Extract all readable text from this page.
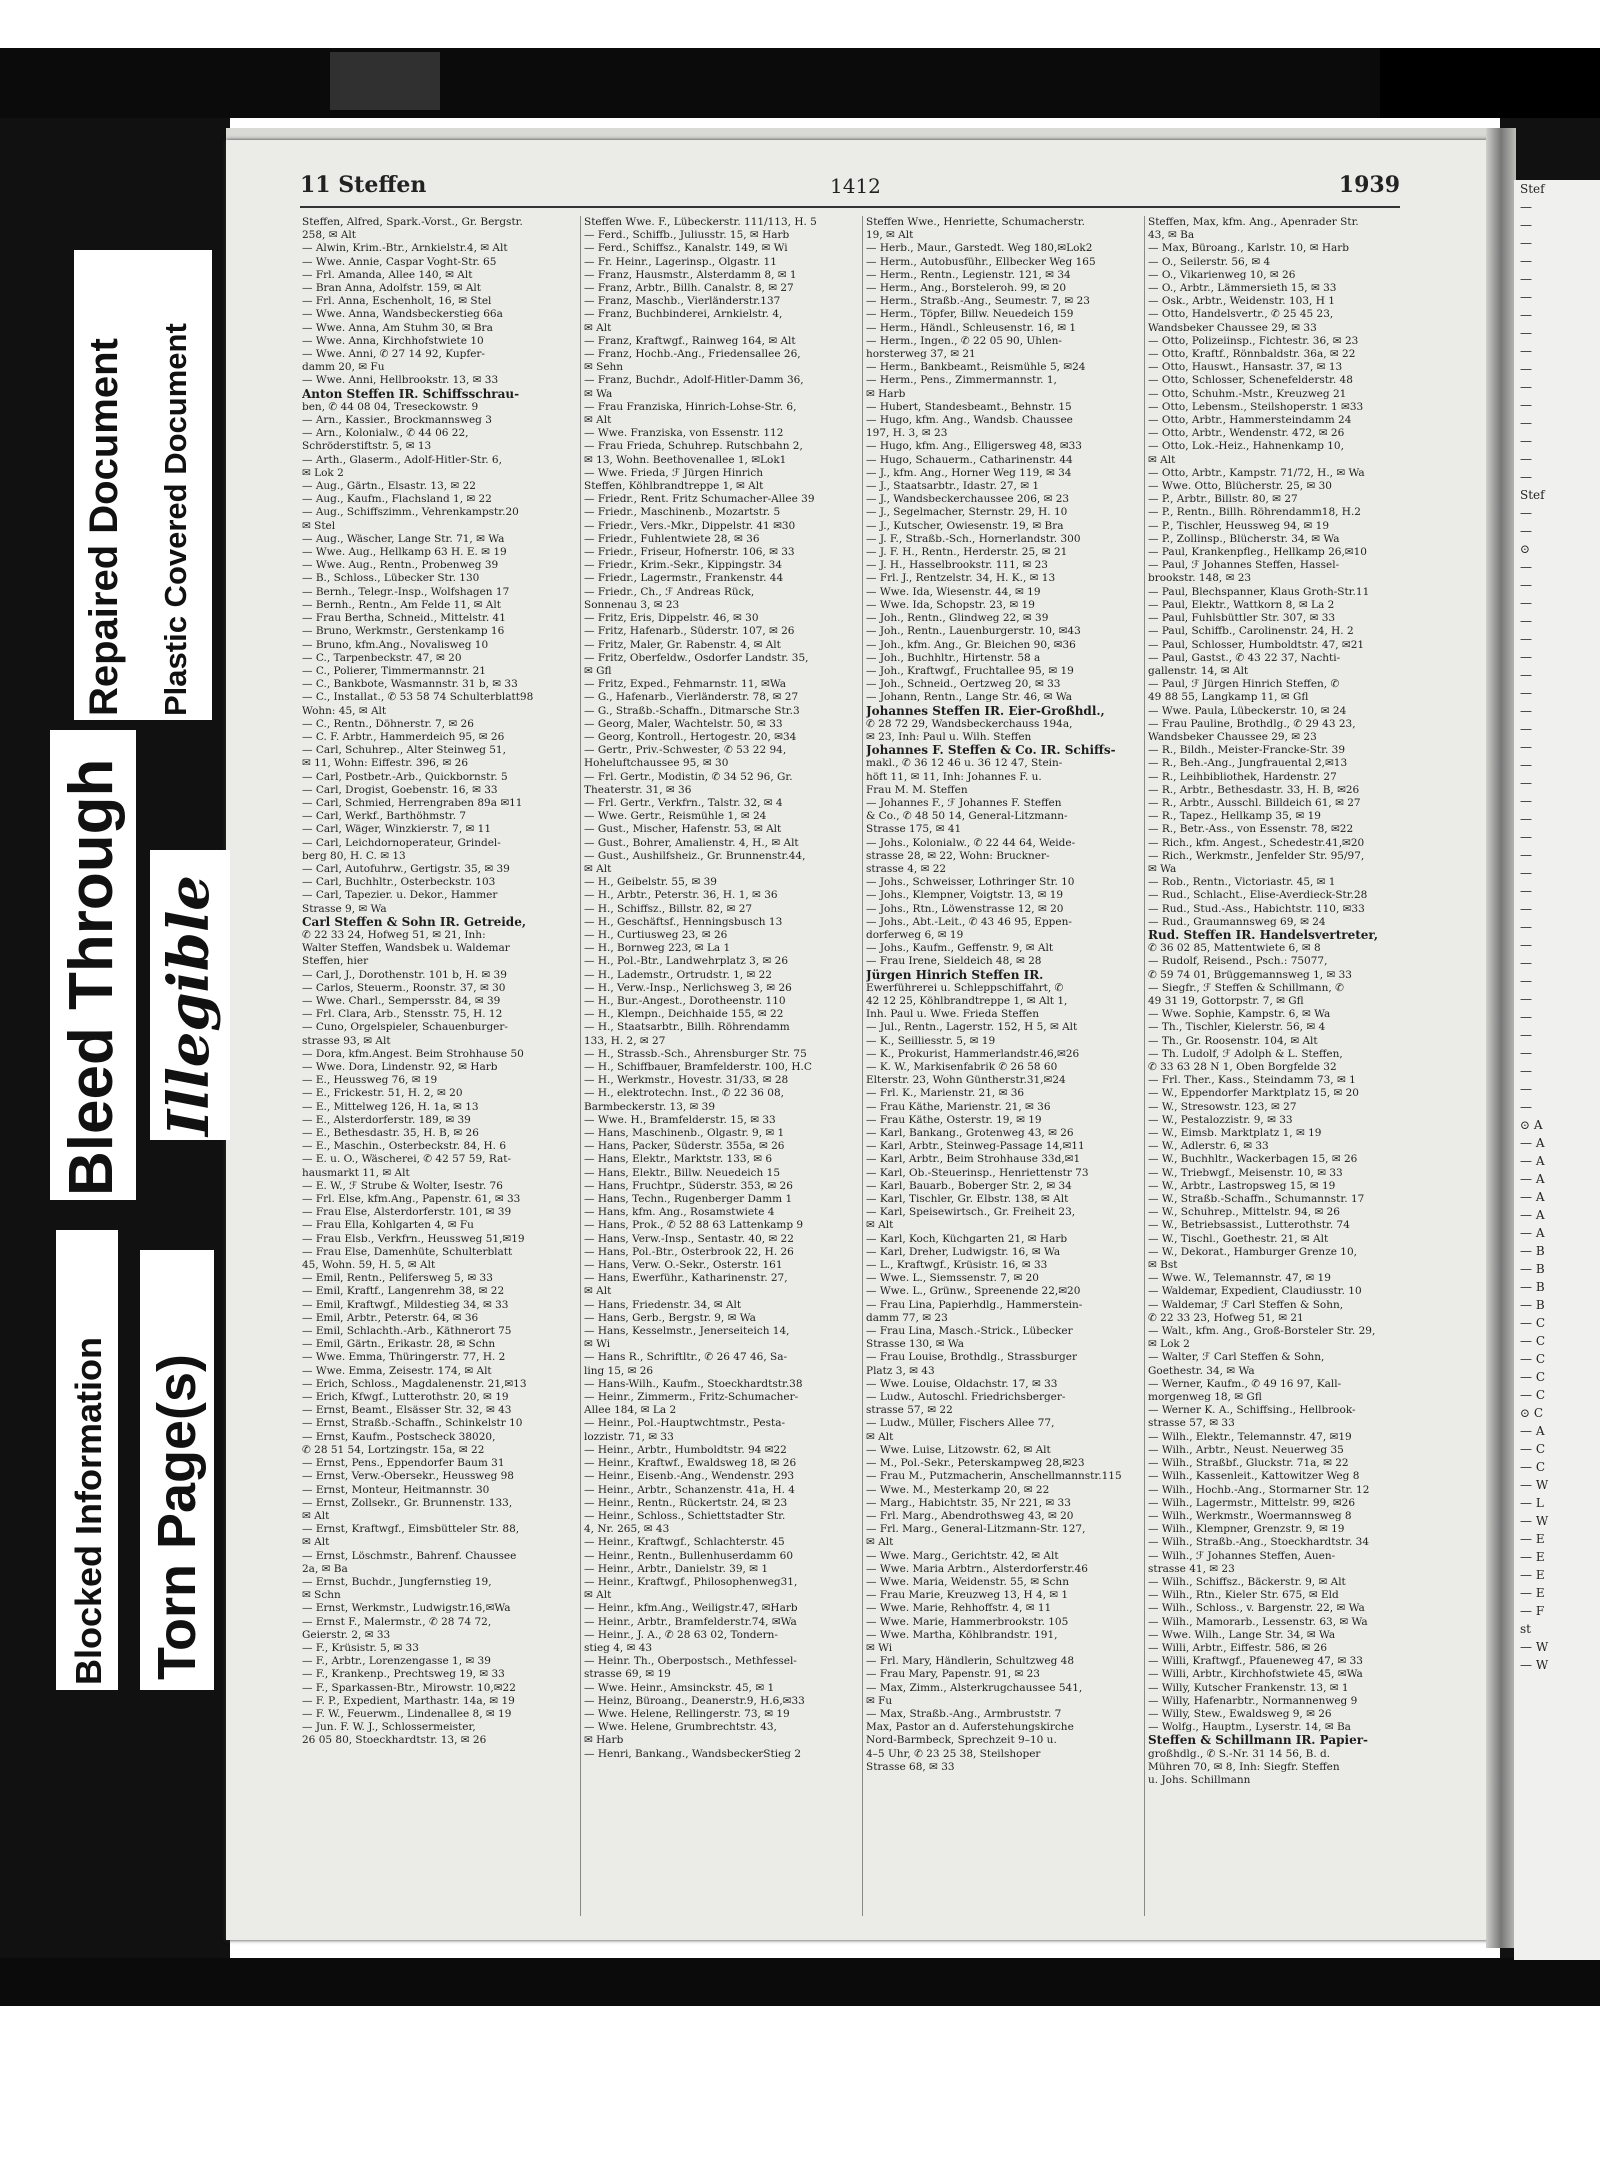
Stef
—
—
—
—
—
—
—
—
—
—
—
—
—
—
—
—
Stef
—
—
⊙
—
—
—
—
—
—
—
—
—
—
—
—
—
—
—
—
—
—
—
—
—
—
—
—
—
—
—
—
—
—
—
⊙ A
— A
— A
— A
— A
— A
— A
— B
— B
— B
— B
— C
— C
— C
— C
— C
⊙ C
— A
— C
— C
— W
— L
— W
— E
— E
— E
— E
— F
st
— W
— W
11 Steffen	1412	1939
Steffen, Alfred, Spark.-Vorst., Gr. Bergstr.
258, ✉ Alt
— Alwin, Krim.-Btr., Arnkielstr.4, ✉ Alt
— Wwe. Annie, Caspar Voght-Str. 65
— Frl. Amanda, Allee 140, ✉ Alt
— Bran Anna, Adolfstr. 159, ✉ Alt
— Frl. Anna, Eschenholt, 16, ✉ Stel
— Wwe. Anna, Wandsbeckerstieg 66a
— Wwe. Anna, Am Stuhm 30, ✉ Bra
— Wwe. Anna, Kirchhofstwiete 10
— Wwe. Anni, ✆ 27 14 92, Kupfer-
damm 20, ✉ Fu
— Wwe. Anni, Hellbrookstr. 13, ✉ 33
Anton Steffen IR. Schiffsschrau-
ben, ✆ 44 08 04, Treseckowstr. 9
— Arn., Kassier., Brockmannsweg 3
— Arn., Kolonialw., ✆ 44 06 22,
Schröderstiftstr. 5, ✉ 13
— Arth., Glaserm., Adolf-Hitler-Str. 6,
✉ Lok 2
— Aug., Gärtn., Elsastr. 13, ✉ 22
— Aug., Kaufm., Flachsland 1, ✉ 22
— Aug., Schiffszimm., Vehrenkampstr.20
✉ Stel
— Aug., Wäscher, Lange Str. 71, ✉ Wa
— Wwe. Aug., Hellkamp 63 H. E. ✉ 19
— Wwe. Aug., Rentn., Probenweg 39
— B., Schloss., Lübecker Str. 130
— Bernh., Telegr.-Insp., Wolfshagen 17
— Bernh., Rentn., Am Felde 11, ✉ Alt
— Frau Bertha, Schneid., Mittelstr. 41
— Bruno, Werkmstr., Gerstenkamp 16
— Bruno, kfm.Ang., Novalisweg 10
— C., Tarpenbeckstr. 47, ✉ 20
— C., Polierer, Timmermannstr. 21
— C., Bankbote, Wasmannstr. 31 b, ✉ 33
— C., Installat., ✆ 53 58 74 Schulterblatt98
Wohn: 45, ✉ Alt
— C., Rentn., Döhnerstr. 7, ✉ 26
— C. F. Arbtr., Hammerdeich 95, ✉ 26
— Carl, Schuhrep., Alter Steinweg 51,
✉ 11, Wohn: Eiffestr. 396, ✉ 26
— Carl, Postbetr.-Arb., Quickbornstr. 5
— Carl, Drogist, Goebenstr. 16, ✉ 33
— Carl, Schmied, Herrengraben 89a ✉11
— Carl, Werkf., Barthöhmstr. 7
— Carl, Wäger, Winzkierstr. 7, ✉ 11
— Carl, Leichdornoperateur, Grindel-
berg 80, H. C. ✉ 13
— Carl, Autofuhrw., Gertigstr. 35, ✉ 39
— Carl, Buchhltr., Osterbeckstr. 103
— Carl, Tapezier. u. Dekor., Hammer
Strasse 9, ✉ Wa
Carl Steffen & Sohn IR. Getreide,
✆ 22 33 24, Hofweg 51, ✉ 21, Inh:
Walter Steffen, Wandsbek u. Waldemar
Steffen, hier
— Carl, J., Dorothenstr. 101 b, H. ✉ 39
— Carlos, Steuerm., Roonstr. 37, ✉ 30
— Wwe. Charl., Sempersstr. 84, ✉ 39
— Frl. Clara, Arb., Stensstr. 75, H. 12
— Cuno, Orgelspieler, Schauenburger-
strasse 93, ✉ Alt
— Dora, kfm.Angest. Beim Strohhause 50
— Wwe. Dora, Lindenstr. 92, ✉ Harb
— E., Heussweg 76, ✉ 19
— E., Frickestr. 51, H. 2, ✉ 20
— E., Mittelweg 126, H. 1a, ✉ 13
— E., Alsterdorferstr. 189, ✉ 39
— E., Bethesdastr. 35, H. B, ✉ 26
— E., Maschin., Osterbeckstr. 84, H. 6
— E. u. O., Wäscherei, ✆ 42 57 59, Rat-
hausmarkt 11, ✉ Alt
— E. W., ℱ Strube & Wolter, Isestr. 76
— Frl. Else, kfm.Ang., Papenstr. 61, ✉ 33
— Frau Else, Alsterdorferstr. 101, ✉ 39
— Frau Ella, Kohlgarten 4, ✉ Fu
— Frau Elsb., Verkfrn., Heussweg 51,✉19
— Frau Else, Damenhüte, Schulterblatt
45, Wohn. 59, H. 5, ✉ Alt
— Emil, Rentn., Pelifersweg 5, ✉ 33
— Emil, Kraftf., Langenrehm 38, ✉ 22
— Emil, Kraftwgf., Mildestieg 34, ✉ 33
— Emil, Arbtr., Peterstr. 64, ✉ 36
— Emil, Schlachth.-Arb., Käthnerort 75
— Emil, Gärtn., Erikastr. 28, ✉ Schn
— Wwe. Emma, Thüringerstr. 77, H. 2
— Wwe. Emma, Zeisestr. 174, ✉ Alt
— Erich, Schloss., Magdalenenstr. 21,✉13
— Erich, Kfwgf., Lutterothstr. 20, ✉ 19
— Ernst, Beamt., Elsässer Str. 32, ✉ 43
— Ernst, Straßb.-Schaffn., Schinkelstr 10
— Ernst, Kaufm., Postscheck 38020,
✆ 28 51 54, Lortzingstr. 15a, ✉ 22
— Ernst, Pens., Eppendorfer Baum 31
— Ernst, Verw.-Obersekr., Heussweg 98
— Ernst, Monteur, Heitmannstr. 30
— Ernst, Zollsekr., Gr. Brunnenstr. 133,
✉ Alt
— Ernst, Kraftwgf., Eimsbütteler Str. 88,
✉ Alt
— Ernst, Löschmstr., Bahrenf. Chaussee
2a, ✉ Ba
— Ernst, Buchdr., Jungfernstieg 19,
✉ Schn
— Ernst, Werkmstr., Ludwigstr.16,✉Wa
— Ernst F., Malermstr., ✆ 28 74 72,
Geierstr. 2, ✉ 33
— F., Krüsistr. 5, ✉ 33
— F., Arbtr., Lorenzengasse 1, ✉ 39
— F., Krankenp., Prechtsweg 19, ✉ 33
— F., Sparkassen-Btr., Mirowstr. 10,✉22
— F. P., Expedient, Marthastr. 14a, ✉ 19
— F. W., Feuerwm., Lindenallee 8, ✉ 19
— Jun. F. W. J., Schlossermeister,
26 05 80, Stoeckhardtstr. 13, ✉ 26
Steffen Wwe. F., Lübeckerstr. 111/113, H. 5
— Ferd., Schiffb., Juliusstr. 15, ✉ Harb
— Ferd., Schiffsz., Kanalstr. 149, ✉ Wi
— Fr. Heinr., Lagerinsp., Olgastr. 11
— Franz, Hausmstr., Alsterdamm 8, ✉ 1
— Franz, Arbtr., Billh. Canalstr. 8, ✉ 27
— Franz, Maschb., Vierländerstr.137
— Franz, Buchbinderei, Arnkielstr. 4,
✉ Alt
— Franz, Kraftwgf., Rainweg 164, ✉ Alt
— Franz, Hochb.-Ang., Friedensallee 26,
✉ Sehn
— Franz, Buchdr., Adolf-Hitler-Damm 36,
✉ Wa
— Frau Franziska, Hinrich-Lohse-Str. 6,
✉ Alt
— Wwe. Franziska, von Essenstr. 112
— Frau Frieda, Schuhrep. Rutschbahn 2,
✉ 13, Wohn. Beethovenallee 1, ✉Lok1
— Wwe. Frieda, ℱ Jürgen Hinrich
Steffen, Köhlbrandtreppe 1, ✉ Alt
— Friedr., Rent. Fritz Schumacher-Allee 39
— Friedr., Maschinenb., Mozartstr. 5
— Friedr., Vers.-Mkr., Dippelstr. 41 ✉30
— Friedr., Fuhlentwiete 28, ✉ 36
— Friedr., Friseur, Hofnerstr. 106, ✉ 33
— Friedr., Krim.-Sekr., Kippingstr. 34
— Friedr., Lagermstr., Frankenstr. 44
— Friedr., Ch., ℱ Andreas Rück,
Sonnenau 3, ✉ 23
— Fritz, Eris, Dippelstr. 46, ✉ 30
— Fritz, Hafenarb., Süderstr. 107, ✉ 26
— Fritz, Maler, Gr. Rabenstr. 4, ✉ Alt
— Fritz, Oberfeldw., Osdorfer Landstr. 35,
✉ Gfl
— Fritz, Exped., Fehmarnstr. 11, ✉Wa
— G., Hafenarb., Vierländerstr. 78, ✉ 27
— G., Straßb.-Schaffn., Ditmarsche Str.3
— Georg, Maler, Wachtelstr. 50, ✉ 33
— Georg, Kontroll., Hertogestr. 20, ✉34
— Gertr., Priv.-Schwester, ✆ 53 22 94,
Hoheluftchaussee 95, ✉ 30
— Frl. Gertr., Modistin, ✆ 34 52 96, Gr.
Theaterstr. 31, ✉ 36
— Frl. Gertr., Verkfrn., Talstr. 32, ✉ 4
— Wwe. Gertr., Reismühle 1, ✉ 24
— Gust., Mischer, Hafenstr. 53, ✉ Alt
— Gust., Bohrer, Amalienstr. 4, H., ✉ Alt
— Gust., Aushilfsheiz., Gr. Brunnenstr.44,
✉ Alt
— H., Geibelstr. 55, ✉ 39
— H., Arbtr., Peterstr. 36, H. 1, ✉ 36
— H., Schiffsz., Billstr. 82, ✉ 27
— H., Geschäftsf., Henningsbusch 13
— H., Curtiusweg 23, ✉ 26
— H., Bornweg 223, ✉ La 1
— H., Pol.-Btr., Landwehrplatz 3, ✉ 26
— H., Lademstr., Ortrudstr. 1, ✉ 22
— H., Verw.-Insp., Nerlichsweg 3, ✉ 26
— H., Bur.-Angest., Dorotheenstr. 110
— H., Klempn., Deichhaide 155, ✉ 22
— H., Staatsarbtr., Billh. Röhrendamm
133, H. 2, ✉ 27
— H., Strassb.-Sch., Ahrensburger Str. 75
— H., Schiffbauer, Bramfelderstr. 100, H.C
— H., Werkmstr., Hovestr. 31/33, ✉ 28
— H., elektrotechn. Inst., ✆ 22 36 08,
Barmbeckerstr. 13, ✉ 39
— Wwe. H., Bramfelderstr. 15, ✉ 33
— Hans, Maschinenb., Olgastr. 9, ✉ 1
— Hans, Packer, Süderstr. 355a, ✉ 26
— Hans, Elektr., Marktstr. 133, ✉ 6
— Hans, Elektr., Billw. Neuedeich 15
— Hans, Fruchtpr., Süderstr. 353, ✉ 26
— Hans, Techn., Rugenberger Damm 1
— Hans, kfm. Ang., Rosamstwiete 4
— Hans, Prok., ✆ 52 88 63 Lattenkamp 9
— Hans, Verw.-Insp., Sentastr. 40, ✉ 22
— Hans, Pol.-Btr., Osterbrook 22, H. 26
— Hans, Verw. O.-Sekr., Osterstr. 161
— Hans, Ewerführ., Katharinenstr. 27,
✉ Alt
— Hans, Friedenstr. 34, ✉ Alt
— Hans, Gerb., Bergstr. 9, ✉ Wa
— Hans, Kesselmstr., Jenerseiteich 14,
✉ Wi
— Hans R., Schriftltr., ✆ 26 47 46, Sa-
ling 15, ✉ 26
— Hans-Wilh., Kaufm., Stoeckhardtstr.38
— Heinr., Zimmerm., Fritz-Schumacher-
Allee 184, ✉ La 2
— Heinr., Pol.-Hauptwchtmstr., Pesta-
lozzistr. 71, ✉ 33
— Heinr., Arbtr., Humboldtstr. 94 ✉22
— Heinr., Kraftwf., Ewaldsweg 18, ✉ 26
— Heinr., Eisenb.-Ang., Wendenstr. 293
— Heinr., Arbtr., Schanzenstr. 41a, H. 4
— Heinr., Rentn., Rückertstr. 24, ✉ 23
— Heinr., Schloss., Schiettstadter Str.
4, Nr. 265, ✉ 43
— Heinr., Kraftwgf., Schlachterstr. 45
— Heinr., Rentn., Bullenhuserdamm 60
— Heinr., Arbtr., Danielstr. 39, ✉ 1
— Heinr., Kraftwgf., Philosophenweg31,
✉ Alt
— Heinr., kfm.Ang., Weiligstr.47, ✉Harb
— Heinr., Arbtr., Bramfelderstr.74, ✉Wa
— Heinr., J. A., ✆ 28 63 02, Tondern-
stieg 4, ✉ 43
— Heinr. Th., Oberpostsch., Methfessel-
strasse 69, ✉ 19
— Wwe. Heinr., Amsinckstr. 45, ✉ 1
— Heinz, Büroang., Deanerstr.9, H.6,✉33
— Wwe. Helene, Rellingerstr. 73, ✉ 19
— Wwe. Helene, Grumbrechtstr. 43,
✉ Harb
— Henri, Bankang., WandsbeckerStieg 2
Steffen Wwe., Henriette, Schumacherstr.
19, ✉ Alt
— Herb., Maur., Garstedt. Weg 180,✉Lok2
— Herm., Autobusführ., Ellbecker Weg 165
— Herm., Rentn., Legienstr. 121, ✉ 34
— Herm., Ang., Borsteleroh. 99, ✉ 20
— Herm., Straßb.-Ang., Seumestr. 7, ✉ 23
— Herm., Töpfer, Billw. Neuedeich 159
— Herm., Händl., Schleusenstr. 16, ✉ 1
— Herm., Ingen., ✆ 22 05 90, Uhlen-
horsterweg 37, ✉ 21
— Herm., Bankbeamt., Reismühle 5, ✉24
— Herm., Pens., Zimmermannstr. 1,
✉ Harb
— Hubert, Standesbeamt., Behnstr. 15
— Hugo, kfm. Ang., Wandsb. Chaussee
197, H. 3, ✉ 23
— Hugo, kfm. Ang., Elligersweg 48, ✉33
— Hugo, Schauerm., Catharinenstr. 44
— J., kfm. Ang., Horner Weg 119, ✉ 34
— J., Staatsarbtr., Idastr. 27, ✉ 1
— J., Wandsbeckerchaussee 206, ✉ 23
— J., Segelmacher, Sternstr. 29, H. 10
— J., Kutscher, Owiesenstr. 19, ✉ Bra
— J. F., Straßb.-Sch., Hornerlandstr. 300
— J. F. H., Rentn., Herderstr. 25, ✉ 21
— J. H., Hasselbrookstr. 111, ✉ 23
— Frl. J., Rentzelstr. 34, H. K., ✉ 13
— Wwe. Ida, Wiesenstr. 44, ✉ 19
— Wwe. Ida, Schopstr. 23, ✉ 19
— Joh., Rentn., Glindweg 22, ✉ 39
— Joh., Rentn., Lauenburgerstr. 10, ✉43
— Joh., kfm. Ang., Gr. Bleichen 90, ✉36
— Joh., Buchhltr., Hirtenstr. 58 a
— Joh., Kraftwgf., Fruchtallee 95, ✉ 19
— Joh., Schneid., Oertzweg 20, ✉ 33
— Johann, Rentn., Lange Str. 46, ✉ Wa
Johannes Steffen IR. Eier-Großhdl.,
✆ 28 72 29, Wandsbeckerchauss 194a,
✉ 23, Inh: Paul u. Wilh. Steffen
Johannes F. Steffen & Co. IR. Schiffs-
makl., ✆ 36 12 46 u. 36 12 47, Stein-
höft 11, ✉ 11, Inh: Johannes F. u.
Frau M. M. Steffen
— Johannes F., ℱ Johannes F. Steffen
& Co., ✆ 48 50 14, General-Litzmann-
Strasse 175, ✉ 41
— Johs., Kolonialw., ✆ 22 44 64, Weide-
strasse 28, ✉ 22, Wohn: Bruckner-
strasse 4, ✉ 22
— Johs., Schweisser, Lothringer Str. 10
— Johs., Klempner, Voigtstr. 13, ✉ 19
— Johs., Rtn., Löwenstrasse 12, ✉ 20
— Johs., Abt.-Leit., ✆ 43 46 95, Eppen-
dorferweg 6, ✉ 19
— Johs., Kaufm., Geffenstr. 9, ✉ Alt
— Frau Irene, Sieldeich 48, ✉ 28
Jürgen Hinrich Steffen IR.
Ewerführerei u. Schleppschiffahrt, ✆
42 12 25, Köhlbrandtreppe 1, ✉ Alt 1,
Inh. Paul u. Wwe. Frieda Steffen
— Jul., Rentn., Lagerstr. 152, H 5, ✉ Alt
— K., Seilliesstr. 5, ✉ 19
— K., Prokurist, Hammerlandstr.46,✉26
— K. W., Markisenfabrik ✆ 26 58 60
Elterstr. 23, Wohn Güntherstr.31,✉24
— Frl. K., Marienstr. 21, ✉ 36
— Frau Käthe, Marienstr. 21, ✉ 36
— Frau Käthe, Osterstr. 19, ✉ 19
— Karl, Bankang., Grotenweg 43, ✉ 26
— Karl, Arbtr., Steinweg-Passage 14,✉11
— Karl, Arbtr., Beim Strohhause 33d,✉1
— Karl, Ob.-Steuerinsp., Henriettenstr 73
— Karl, Bauarb., Boberger Str. 2, ✉ 34
— Karl, Tischler, Gr. Elbstr. 138, ✉ Alt
— Karl, Speisewirtsch., Gr. Freiheit 23,
✉ Alt
— Karl, Koch, Küchgarten 21, ✉ Harb
— Karl, Dreher, Ludwigstr. 16, ✉ Wa
— L., Kraftwgf., Krüsistr. 16, ✉ 33
— Wwe. L., Siemssenstr. 7, ✉ 20
— Wwe. L., Grünw., Spreenende 22,✉20
— Frau Lina, Papierhdlg., Hammerstein-
damm 77, ✉ 23
— Frau Lina, Masch.-Strick., Lübecker
Strasse 130, ✉ Wa
— Frau Louise, Brothdlg., Strassburger
Platz 3, ✉ 43
— Wwe. Louise, Oldachstr. 17, ✉ 33
— Ludw., Autoschl. Friedrichsberger-
strasse 57, ✉ 22
— Ludw., Müller, Fischers Allee 77,
✉ Alt
— Wwe. Luise, Litzowstr. 62, ✉ Alt
— M., Pol.-Sekr., Peterskampweg 28,✉23
— Frau M., Putzmacherin, Anschellmannstr.115
— Wwe. M., Mesterkamp 20, ✉ 22
— Marg., Habichtstr. 35, Nr 221, ✉ 33
— Frl. Marg., Abendrothsweg 43, ✉ 20
— Frl. Marg., General-Litzmann-Str. 127,
✉ Alt
— Wwe. Marg., Gerichtstr. 42, ✉ Alt
— Wwe. Maria Arbtrn., Alsterdorferstr.46
— Wwe. Maria, Weidenstr. 55, ✉ Schn
— Frau Marie, Kreuzweg 13, H 4, ✉ 1
— Wwe. Marie, Rehhoffstr. 4, ✉ 11
— Wwe. Marie, Hammerbrookstr. 105
— Wwe. Martha, Köhlbrandstr. 191,
✉ Wi
— Frl. Mary, Händlerin, Schultzweg 48
— Frau Mary, Papenstr. 91, ✉ 23
— Max, Zimm., Alsterkrugchaussee 541,
✉ Fu
— Max, Straßb.-Ang., Armbruststr. 7
Max, Pastor an d. Auferstehungskirche
Nord-Barmbeck, Sprechzeit 9–10 u.
4–5 Uhr, ✆ 23 25 38, Steilshoper
Strasse 68, ✉ 33
Steffen, Max, kfm. Ang., Apenrader Str.
43, ✉ Ba
— Max, Büroang., Karlstr. 10, ✉ Harb
— O., Seilerstr. 56, ✉ 4
— O., Vikarienweg 10, ✉ 26
— O., Arbtr., Lämmersieth 15, ✉ 33
— Osk., Arbtr., Weidenstr. 103, H 1
— Otto, Handelsvertr., ✆ 25 45 23,
Wandsbeker Chaussee 29, ✉ 33
— Otto, Polizeiinsp., Fichtestr. 36, ✉ 23
— Otto, Kraftf., Rönnbaldstr. 36a, ✉ 22
— Otto, Hauswt., Hansastr. 37, ✉ 13
— Otto, Schlosser, Schenefelderstr. 48
— Otto, Schuhm.-Mstr., Kreuzweg 21
— Otto, Lebensm., Steilshoperstr. 1 ✉33
— Otto, Arbtr., Hammersteindamm 24
— Otto, Arbtr., Wendenstr. 472, ✉ 26
— Otto, Lok.-Heiz., Hahnenkamp 10,
✉ Alt
— Otto, Arbtr., Kampstr. 71/72, H., ✉ Wa
— Wwe. Otto, Blücherstr. 25, ✉ 30
— P., Arbtr., Billstr. 80, ✉ 27
— P., Rentn., Billh. Röhrendamm18, H.2
— P., Tischler, Heussweg 94, ✉ 19
— P., Zollinsp., Blücherstr. 34, ✉ Wa
— Paul, Krankenpfleg., Hellkamp 26,✉10
— Paul, ℱ Johannes Steffen, Hassel-
brookstr. 148, ✉ 23
— Paul, Blechspanner, Klaus Groth-Str.11
— Paul, Elektr., Wattkorn 8, ✉ La 2
— Paul, Fuhlsbüttler Str. 307, ✉ 33
— Paul, Schiffb., Carolinenstr. 24, H. 2
— Paul, Schlosser, Humboldtstr. 47, ✉21
— Paul, Gastst., ✆ 43 22 37, Nachti-
gallenstr. 14, ✉ Alt
— Paul, ℱ Jürgen Hinrich Steffen, ✆
49 88 55, Langkamp 11, ✉ Gfl
— Wwe. Paula, Lübeckerstr. 10, ✉ 24
— Frau Pauline, Brothdlg., ✆ 29 43 23,
Wandsbeker Chaussee 29, ✉ 23
— R., Bildh., Meister-Francke-Str. 39
— R., Beh.-Ang., Jungfrauental 2,✉13
— R., Leihbibliothek, Hardenstr. 27
— R., Arbtr., Bethesdastr. 33, H. B, ✉26
— R., Arbtr., Ausschl. Billdeich 61, ✉ 27
— R., Tapez., Hellkamp 35, ✉ 19
— R., Betr.-Ass., von Essenstr. 78, ✉22
— Rich., kfm. Angest., Schedestr.41,✉20
— Rich., Werkmstr., Jenfelder Str. 95/97,
✉ Wa
— Rob., Rentn., Victoriastr. 45, ✉ 1
— Rud., Schlacht., Elise-Averdieck-Str.28
— Rud., Stud.-Ass., Habichtstr. 110, ✉33
— Rud., Graumannsweg 69, ✉ 24
Rud. Steffen IR. Handelsvertreter,
✆ 36 02 85, Mattentwiete 6, ✉ 8
— Rudolf, Reisend., Psch.: 75077,
✆ 59 74 01, Brüggemannsweg 1, ✉ 33
— Siegfr., ℱ Steffen & Schillmann, ✆
49 31 19, Gottorpstr. 7, ✉ Gfl
— Wwe. Sophie, Kampstr. 6, ✉ Wa
— Th., Tischler, Kielerstr. 56, ✉ 4
— Th., Gr. Roosenstr. 104, ✉ Alt
— Th. Ludolf, ℱ Adolph & L. Steffen,
✆ 33 63 28 N 1, Oben Borgfelde 32
— Frl. Ther., Kass., Steindamm 73, ✉ 1
— W., Eppendorfer Marktplatz 15, ✉ 20
— W., Stresowstr. 123, ✉ 27
— W., Pestalozzistr. 9, ✉ 33
— W., Eimsb. Marktplatz 1, ✉ 19
— W., Adlerstr. 6, ✉ 33
— W., Buchhltr., Wackerbagen 15, ✉ 26
— W., Triebwgf., Meisenstr. 10, ✉ 33
— W., Arbtr., Lastropsweg 15, ✉ 19
— W., Straßb.-Schaffn., Schumannstr. 17
— W., Schuhrep., Mittelstr. 94, ✉ 26
— W., Betriebsassist., Lutterothstr. 74
— W., Tischl., Goethestr. 21, ✉ Alt
— W., Dekorat., Hamburger Grenze 10,
✉ Bst
— Wwe. W., Telemannstr. 47, ✉ 19
— Waldemar, Expedient, Claudiusstr. 10
— Waldemar, ℱ Carl Steffen & Sohn,
✆ 22 33 23, Hofweg 51, ✉ 21
— Walt., kfm. Ang., Groß-Borsteler Str. 29,
✉ Lok 2
— Walter, ℱ Carl Steffen & Sohn,
Goethestr. 34, ✉ Wa
— Werner, Kaufm., ✆ 49 16 97, Kall-
morgenweg 18, ✉ Gfl
— Werner K. A., Schiffsing., Hellbrook-
strasse 57, ✉ 33
— Wilh., Elektr., Telemannstr. 47, ✉19
— Wilh., Arbtr., Neust. Neuerweg 35
— Wilh., Straßbf., Gluckstr. 71a, ✉ 22
— Wilh., Kassenleit., Kattowitzer Weg 8
— Wilh., Hochb.-Ang., Stormarner Str. 12
— Wilh., Lagermstr., Mittelstr. 99, ✉26
— Wilh., Werkmstr., Woermannsweg 8
— Wilh., Klempner, Grenzstr. 9, ✉ 19
— Wilh., Straßb.-Ang., Stoeckhardtstr. 34
— Wilh., ℱ Johannes Steffen, Auen-
strasse 41, ✉ 23
— Wilh., Schiffsz., Bäckerstr. 9, ✉ Alt
— Wilh., Rtn., Kieler Str. 675, ✉ Eld
— Wilh., Schloss., v. Bargenstr. 22, ✉ Wa
— Wilh., Mamorarb., Lessenstr. 63, ✉ Wa
— Wwe. Wilh., Lange Str. 34, ✉ Wa
— Willi, Arbtr., Eiffestr. 586, ✉ 26
— Willi, Kraftwgf., Pfaueneweg 47, ✉ 33
— Willi, Arbtr., Kirchhofstwiete 45, ✉Wa
— Willy, Kutscher Frankenstr. 13, ✉ 1
— Willy, Hafenarbtr., Normannenweg 9
— Willy, Stew., Ewaldsweg 9, ✉ 26
— Wolfg., Hauptm., Lyserstr. 14, ✉ Ba
Steffen & Schillmann IR. Papier-
großhdlg., ✆ S.-Nr. 31 14 56, B. d.
Mühren 70, ✉ 8, Inh: Siegfr. Steffen
u. Johs. Schillmann
Blocked Information Torn Page(s)
Bleed Through Illegible
Repaired Document Plastic Covered Document
